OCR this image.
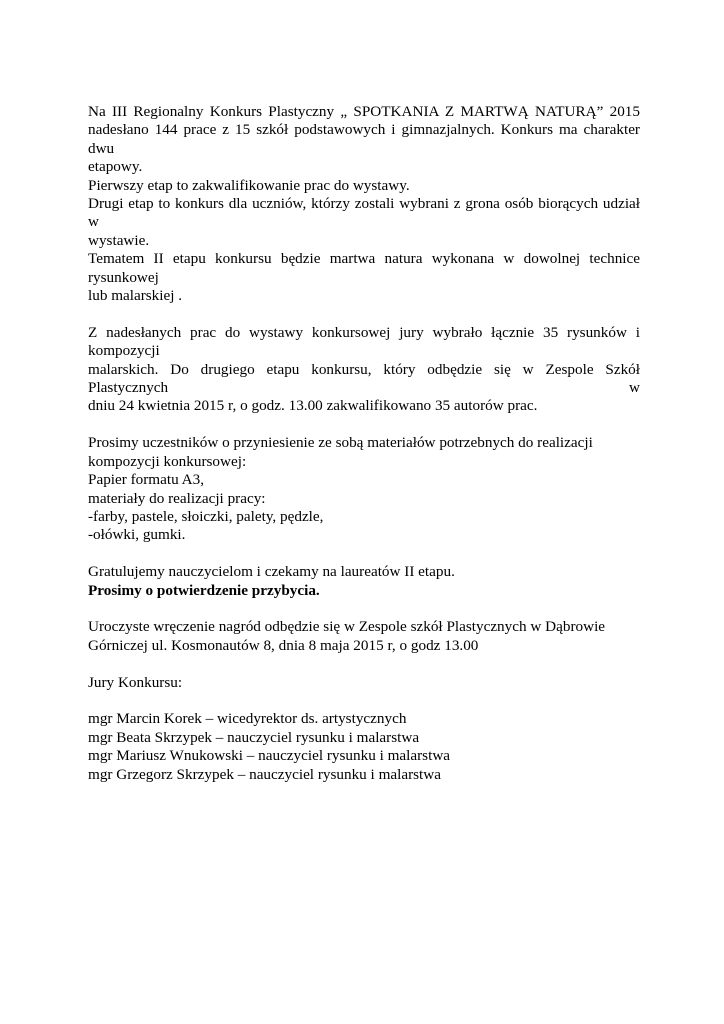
Na III Regionalny Konkurs Plastyczny „ SPOTKANIA Z MARTWĄ NATURĄ” 2015
nadesłano 144 prace z 15 szkół podstawowych i gimnazjalnych. Konkurs ma charakter dwu
etapowy.
Pierwszy etap to zakwalifikowanie prac do wystawy.
Drugi etap to konkurs dla uczniów, którzy zostali wybrani z grona osób biorących udział w
wystawie.
Tematem II etapu konkursu będzie martwa natura wykonana w dowolnej technice rysunkowej
lub malarskiej .
Z nadesłanych prac do wystawy konkursowej jury wybrało łącznie 35 rysunków i kompozycji
malarskich. Do drugiego etapu konkursu, który odbędzie się w Zespole Szkół Plastycznych w
dniu 24 kwietnia 2015 r, o godz. 13.00 zakwalifikowano 35 autorów prac.
Prosimy uczestników o przyniesienie ze sobą materiałów potrzebnych do realizacji
kompozycji konkursowej:
Papier formatu A3,
materiały do realizacji pracy:
-farby, pastele, słoiczki, palety, pędzle,
-ołówki, gumki.
Gratulujemy nauczycielom i czekamy na laureatów II etapu.
Prosimy o potwierdzenie przybycia.
Uroczyste wręczenie nagród odbędzie się w Zespole szkół Plastycznych w Dąbrowie
Górniczej ul. Kosmonautów 8, dnia 8 maja 2015 r, o godz 13.00
Jury Konkursu:
mgr Marcin Korek – wicedyrektor ds. artystycznych
mgr Beata Skrzypek – nauczyciel rysunku i malarstwa
mgr Mariusz Wnukowski – nauczyciel rysunku i malarstwa
mgr Grzegorz Skrzypek – nauczyciel rysunku i malarstwa
